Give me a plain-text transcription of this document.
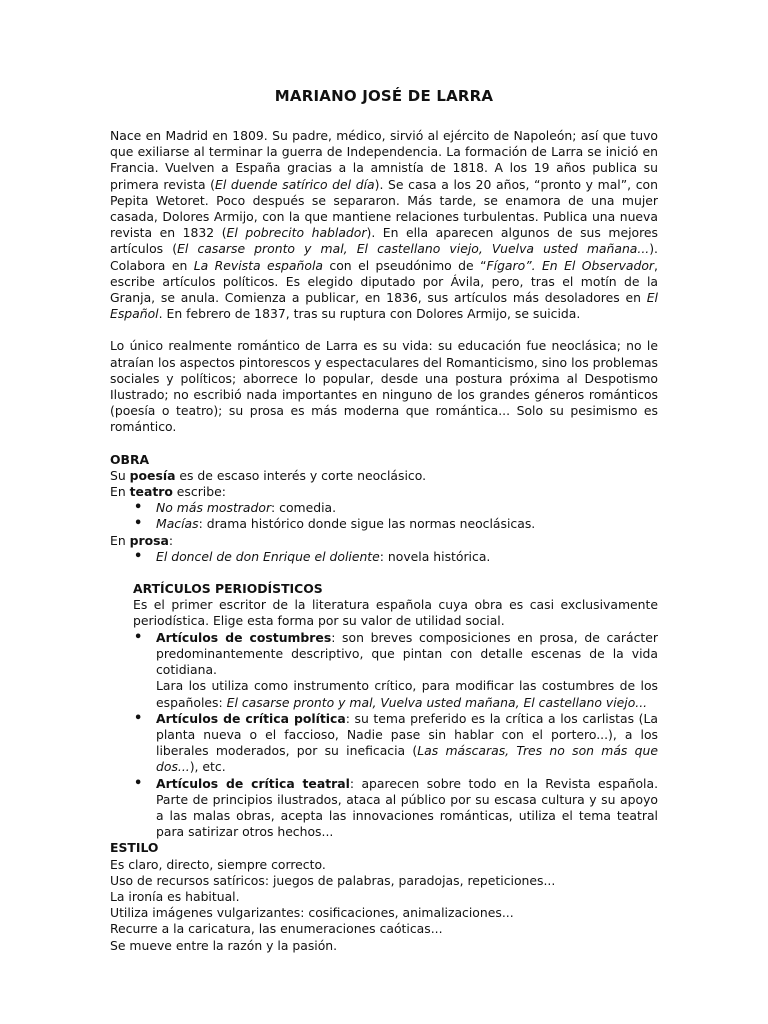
MARIANO JOSÉ DE LARRA

Nace en Madrid en 1809. Su padre, médico, sirvió al ejército de Napoleón; así que tuvo que exiliarse al terminar la guerra de Independencia. La formación de Larra se inició en Francia. Vuelven a España gracias a la amnistía de 1818. A los 19 años publica su primera revista (El duende satírico del día). Se casa a los 20 años, “pronto y mal”, con Pepita Wetoret. Poco después se separaron. Más tarde, se enamora de una mujer casada, Dolores Armijo, con la que mantiene relaciones turbulentas. Publica una nueva revista en 1832 (El pobrecito hablador). En ella aparecen algunos de sus mejores artículos (El casarse pronto y mal, El castellano viejo, Vuelva usted mañana...). Colabora en La Revista española con el pseudónimo de “Fígaro”. En El Observador, escribe artículos políticos. Es elegido diputado por Ávila, pero, tras el motín de la Granja, se anula. Comienza a publicar, en 1836, sus artículos más desoladores en El Español. En febrero de 1837, tras su ruptura con Dolores Armijo, se suicida.

Lo único realmente romántico de Larra es su vida: su educación fue neoclásica; no le atraían los aspectos pintorescos y espectaculares del Romanticismo, sino los problemas sociales y políticos; aborrece lo popular, desde una postura próxima al Despotismo Ilustrado; no escribió nada importantes en ninguno de los grandes géneros románticos (poesía o teatro); su prosa es más moderna que romántica... Solo su pesimismo es romántico.

OBRA

Su poesía es de escaso interés y corte neoclásico.

En teatro escribe:

• No más mostrador: comedia.
• Macías: drama histórico donde sigue las normas neoclásicas.

En prosa:

• El doncel de don Enrique el doliente: novela histórica.

ARTÍCULOS PERIODÍSTICOS

Es el primer escritor de la literatura española cuya obra es casi exclusivamente periodística. Elige esta forma por su valor de utilidad social.

• Artículos de costumbres: son breves composiciones en prosa, de carácter predominantemente descriptivo, que pintan con detalle escenas de la vida cotidiana.
Lara los utiliza como instrumento crítico, para modificar las costumbres de los españoles: El casarse pronto y mal, Vuelva usted mañana, El castellano viejo...
• Artículos de crítica política: su tema preferido es la crítica a los carlistas (La planta nueva o el faccioso, Nadie pase sin hablar con el portero...), a los liberales moderados, por su ineficacia (Las máscaras, Tres no son más que dos...), etc.
• Artículos de crítica teatral: aparecen sobre todo en la Revista española. Parte de principios ilustrados, ataca al público por su escasa cultura y su apoyo a las malas obras, acepta las innovaciones románticas, utiliza el tema teatral para satirizar otros hechos...

ESTILO

Es claro, directo, siempre correcto.

Uso de recursos satíricos: juegos de palabras, paradojas, repeticiones...

La ironía es habitual.

Utiliza imágenes vulgarizantes: cosificaciones, animalizaciones...

Recurre a la caricatura, las enumeraciones caóticas...

Se mueve entre la razón y la pasión.
